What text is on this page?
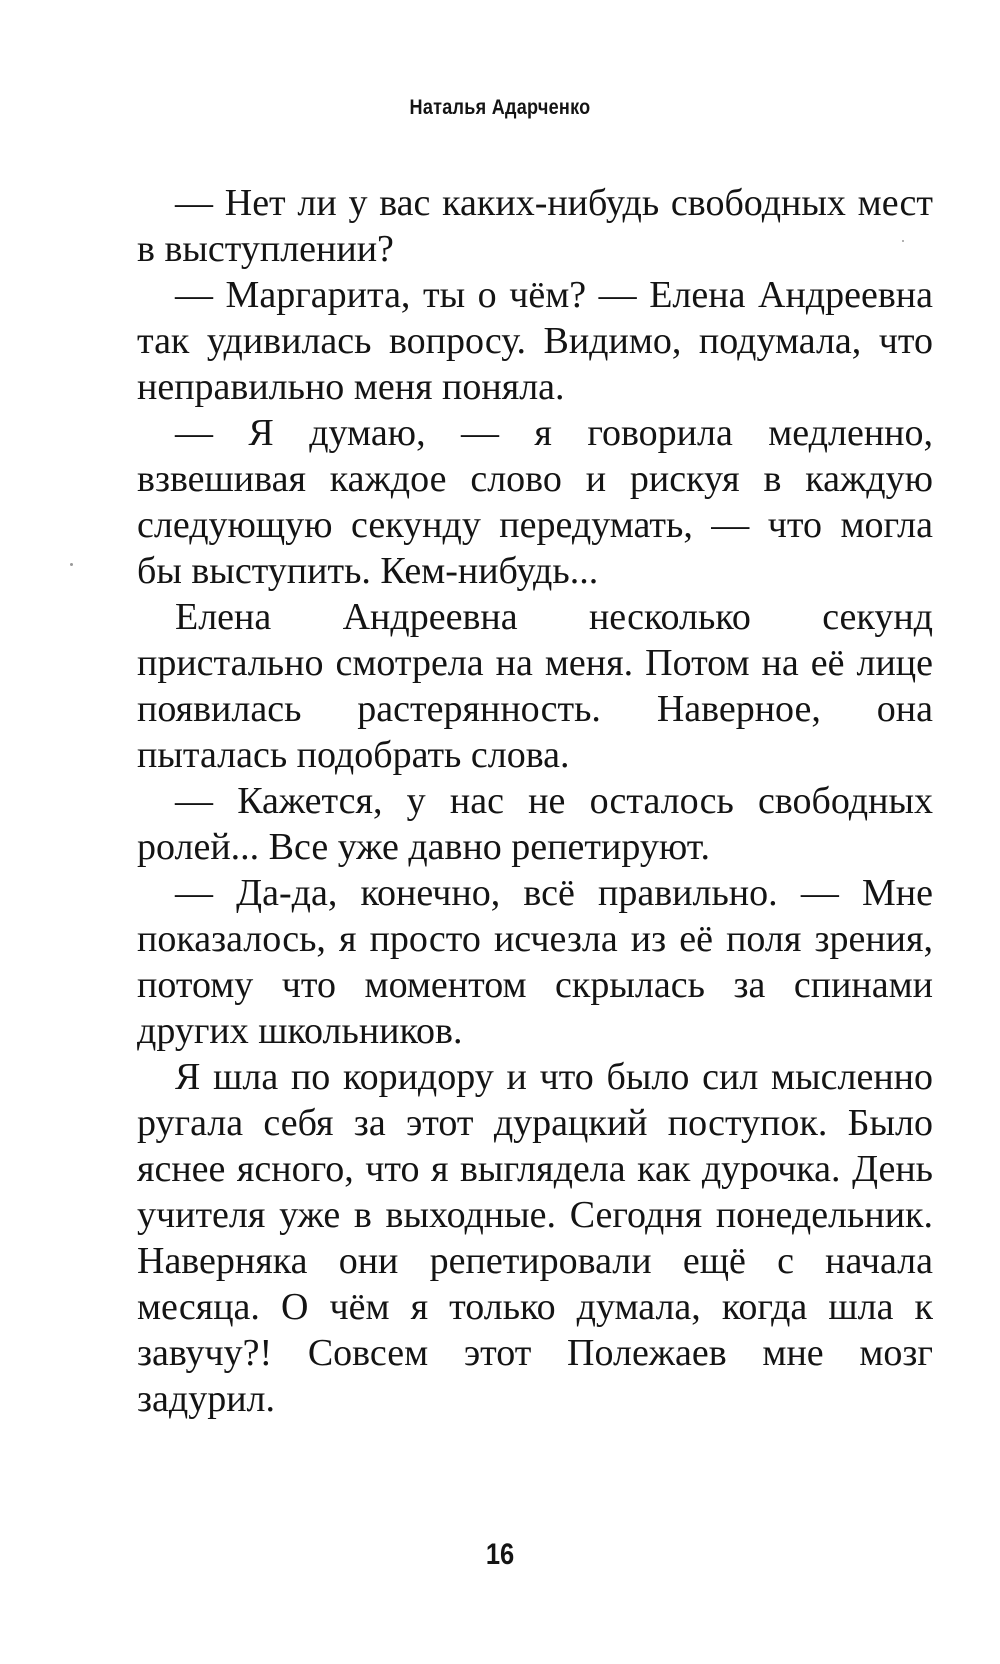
Наталья Адарченко

— Нет ли у вас каких-нибудь свободных мест в выступлении?

— Маргарита, ты о чём? — Елена Андреевна так удивилась вопросу. Видимо, подумала, что неправильно меня поняла.

— Я думаю, — я говорила медленно, взвешивая каждое слово и рискуя в каждую следующую секунду передумать, — что могла бы выступить. Кем-нибудь...

Елена Андреевна несколько секунд пристально смотрела на меня. Потом на её лице появилась растерянность. Наверное, она пыталась подобрать слова.

— Кажется, у нас не осталось свободных ролей... Все уже давно репетируют.

— Да-да, конечно, всё правильно. — Мне показалось, я просто исчезла из её поля зрения, потому что моментом скрылась за спинами других школьников.

Я шла по коридору и что было сил мысленно ругала себя за этот дурацкий поступок. Было яснее ясного, что я выглядела как дурочка. День учителя уже в выходные. Сегодня понедельник. Наверняка они репетировали ещё с начала месяца. О чём я только думала, когда шла к завучу?! Совсем этот Полежаев мне мозг задурил.

16
